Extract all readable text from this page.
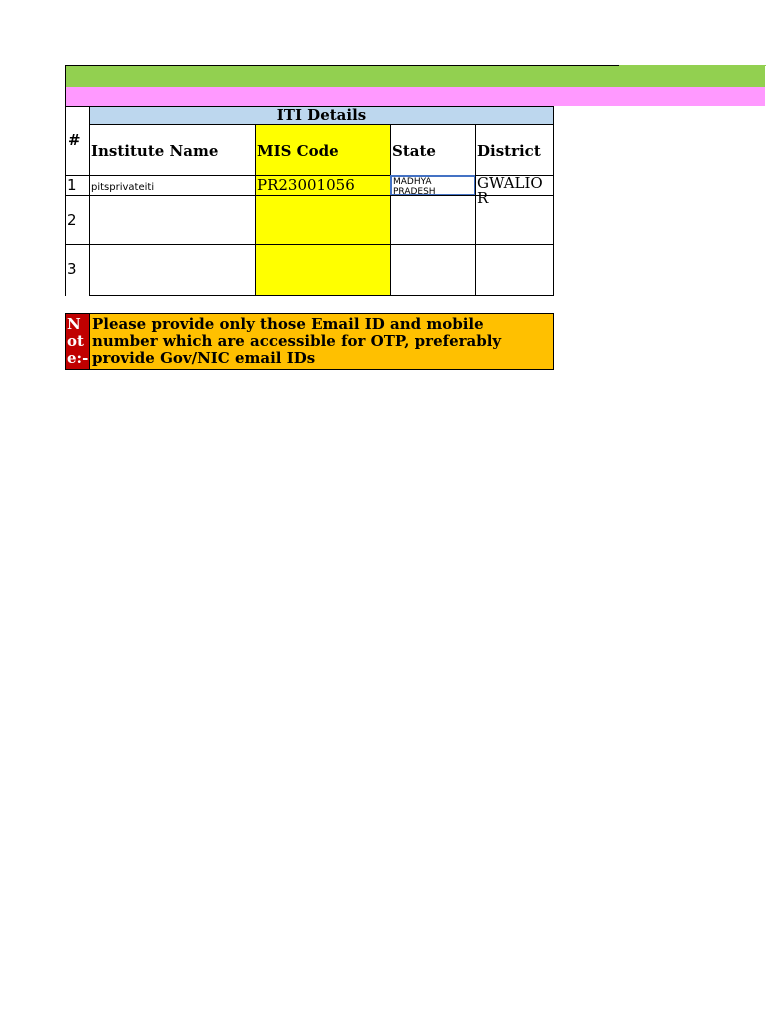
#
ITI Details
Institute Name	MIS Code	State	District
1	pitsprivateiti	PR23001056	MADHYA PRADESH	GWALIOR
2
3
Note:-
Please provide only those Email ID and mobile number which are accessible for OTP, preferably provide Gov/NIC email IDs
